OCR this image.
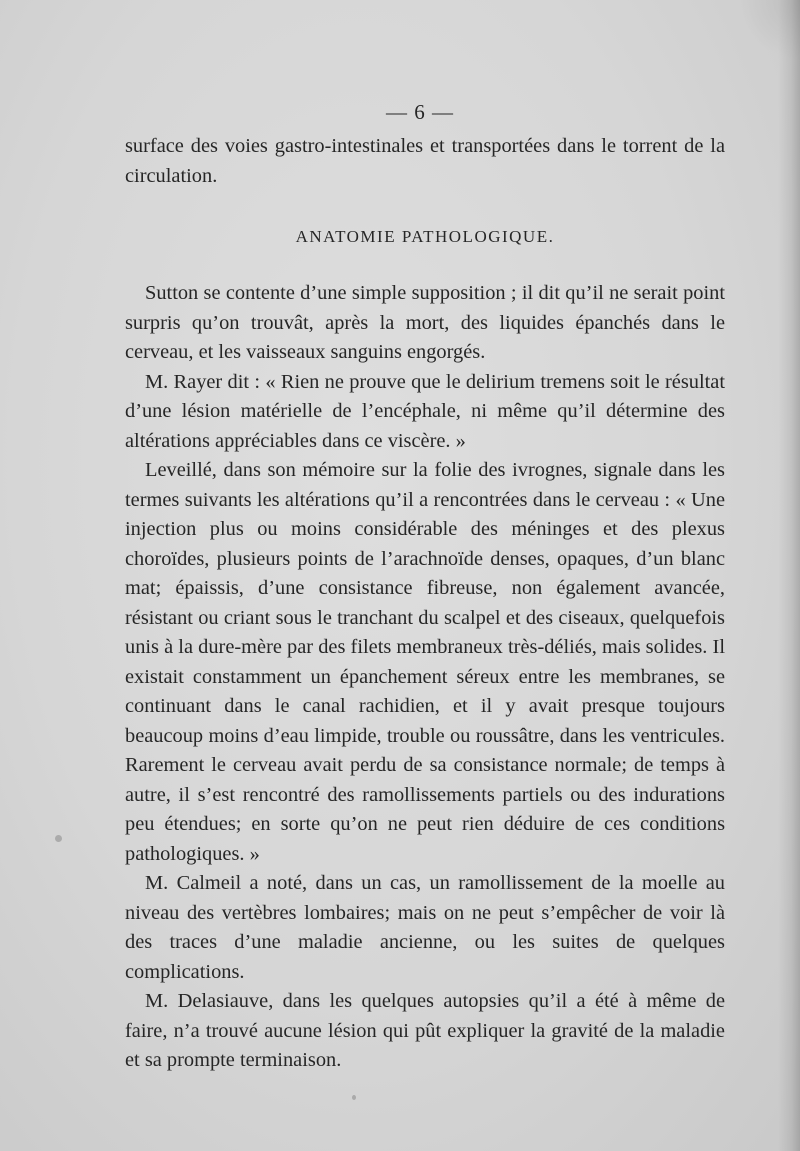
— 6 —

surface des voies gastro-intestinales et transportées dans le torrent de la circulation.

ANATOMIE PATHOLOGIQUE.

Sutton se contente d’une simple supposition ; il dit qu’il ne serait point surpris qu’on trouvât, après la mort, des liquides épanchés dans le cerveau, et les vaisseaux sanguins engorgés.

M. Rayer dit : « Rien ne prouve que le delirium tremens soit le résultat d’une lésion matérielle de l’encéphale, ni même qu’il détermine des altérations appréciables dans ce viscère. »

Leveillé, dans son mémoire sur la folie des ivrognes, signale dans les termes suivants les altérations qu’il a rencontrées dans le cerveau : « Une injection plus ou moins considérable des méninges et des plexus choroïdes, plusieurs points de l’arachnoïde denses, opaques, d’un blanc mat; épaissis, d’une consistance fibreuse, non également avancée, résistant ou criant sous le tranchant du scalpel et des ciseaux, quelquefois unis à la dure-mère par des filets membraneux très-déliés, mais solides. Il existait constamment un épanchement séreux entre les membranes, se continuant dans le canal rachidien, et il y avait presque toujours beaucoup moins d’eau limpide, trouble ou roussâtre, dans les ventricules. Rarement le cerveau avait perdu de sa consistance normale; de temps à autre, il s’est rencontré des ramollissements partiels ou des indurations peu étendues; en sorte qu’on ne peut rien déduire de ces conditions pathologiques. »

M. Calmeil a noté, dans un cas, un ramollissement de la moelle au niveau des vertèbres lombaires; mais on ne peut s’empêcher de voir là des traces d’une maladie ancienne, ou les suites de quelques complications.

M. Delasiauve, dans les quelques autopsies qu’il a été à même de faire, n’a trouvé aucune lésion qui pût expliquer la gravité de la maladie et sa prompte terminaison.
